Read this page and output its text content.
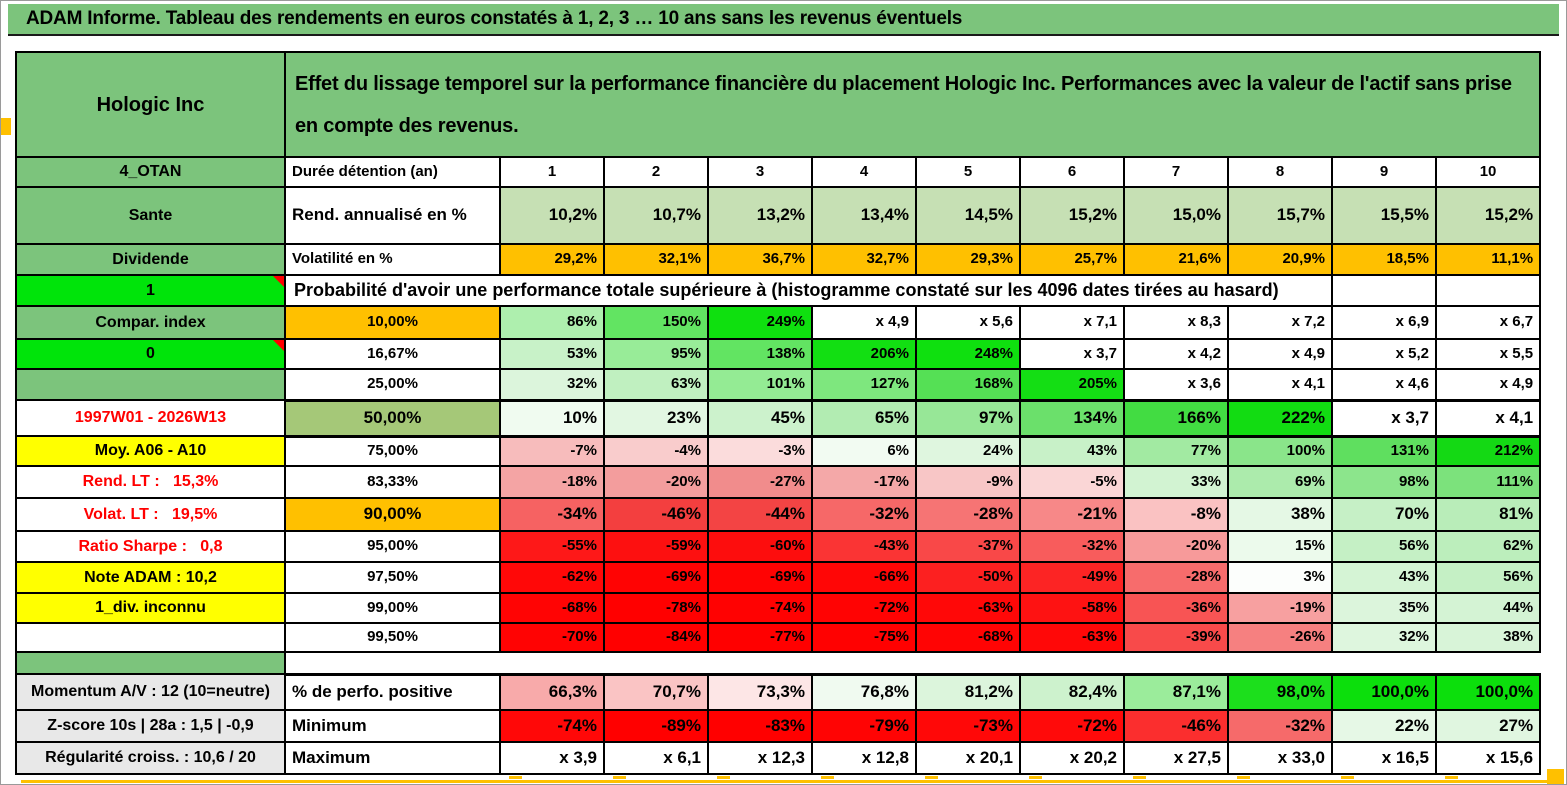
ADAM Informe. Tableau des rendements en euros constatés à 1, 2, 3 … 10 ans sans les revenus éventuels
Hologic Inc	Effet du lissage temporel sur la performance financière du placement Hologic Inc. Performances avec la valeur de l'actif sans prise en compte des revenus.										
4_OTAN	Durée détention (an)	1	2	3	4	5	6	7	8	9	10
Sante	Rend. annualisé en %	10,2%	10,7%	13,2%	13,4%	14,5%	15,2%	15,0%	15,7%	15,5%	15,2%
Dividende	Volatilité en %	29,2%	32,1%	36,7%	32,7%	29,3%	25,7%	21,6%	20,9%	18,5%	11,1%
1	Probabilité d'avoir une performance totale supérieure à (histogramme constaté sur les 4096 dates tirées au hasard)										
Compar. index	10,00%	86%	150%	249%	x 4,9	x 5,6	x 7,1	x 8,3	x 7,2	x 6,9	x 6,7
0	16,67%	53%	95%	138%	206%	248%	x 3,7	x 4,2	x 4,9	x 5,2	x 5,5
	25,00%	32%	63%	101%	127%	168%	205%	x 3,6	x 4,1	x 4,6	x 4,9
1997W01 - 2026W13	50,00%	10%	23%	45%	65%	97%	134%	166%	222%	x 3,7	x 4,1
Moy. A06 - A10	75,00%	-7%	-4%	-3%	6%	24%	43%	77%	100%	131%	212%
Rend. LT :   15,3%	83,33%	-18%	-20%	-27%	-17%	-9%	-5%	33%	69%	98%	111%
Volat. LT :   19,5%	90,00%	-34%	-46%	-44%	-32%	-28%	-21%	-8%	38%	70%	81%
Ratio Sharpe :   0,8	95,00%	-55%	-59%	-60%	-43%	-37%	-32%	-20%	15%	56%	62%
Note ADAM : 10,2	97,50%	-62%	-69%	-69%	-66%	-50%	-49%	-28%	3%	43%	56%
1_div. inconnu	99,00%	-68%	-78%	-74%	-72%	-63%	-58%	-36%	-19%	35%	44%
	99,50%	-70%	-84%	-77%	-75%	-68%	-63%	-39%	-26%	32%	38%

Momentum A/V : 12 (10=neutre)	% de perfo. positive	66,3%	70,7%	73,3%	76,8%	81,2%	82,4%	87,1%	98,0%	100,0%	100,0%
Z-score 10s | 28a : 1,5 | -0,9	Minimum	-74%	-89%	-83%	-79%	-73%	-72%	-46%	-32%	22%	27%
Régularité croiss. : 10,6 / 20	Maximum	x 3,9	x 6,1	x 12,3	x 12,8	x 20,1	x 20,2	x 27,5	x 33,0	x 16,5	x 15,6
